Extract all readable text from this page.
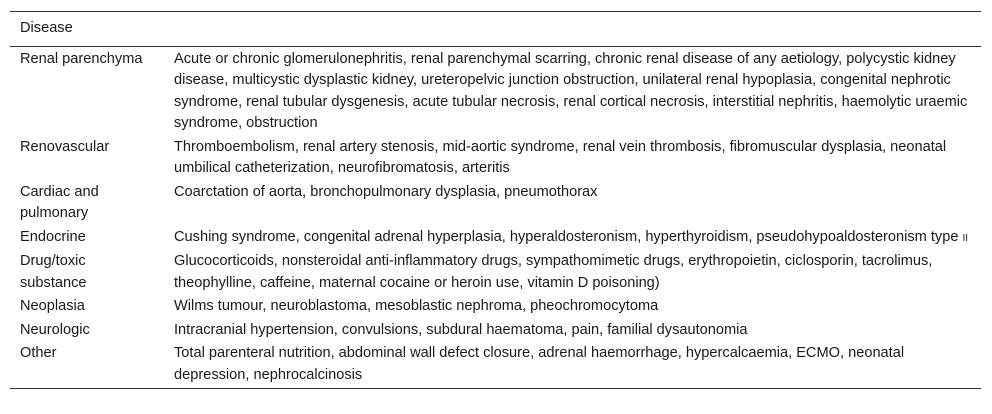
Disease	
Renal parenchyma	Acute or chronic glomerulonephritis, renal parenchymal scarring, chronic renal disease of any aetiology, polycystic kidney disease, multicystic dysplastic kidney, ureteropelvic junction obstruction, unilateral renal hypoplasia, congenital nephrotic syndrome, renal tubular dysgenesis, acute tubular necrosis, renal cortical necrosis, interstitial nephritis, haemolytic uraemic syndrome, obstruction
Renovascular	Thromboembolism, renal artery stenosis, mid-aortic syndrome, renal vein thrombosis, fibromuscular dysplasia, neonatal umbilical catheterization, neurofibromatosis, arteritis
Cardiac and pulmonary	Coarctation of aorta, bronchopulmonary dysplasia, pneumothorax
Endocrine	Cushing syndrome, congenital adrenal hyperplasia, hyperaldosteronism, hyperthyroidism, pseudohypoaldosteronism type II
Drug/toxic substance	Glucocorticoids, nonsteroidal anti-inflammatory drugs, sympathomimetic drugs, erythropoietin, ciclosporin, tacrolimus, theophylline, caffeine, maternal cocaine or heroin use, vitamin D poisoning)
Neoplasia	Wilms tumour, neuroblastoma, mesoblastic nephroma, pheochromocytoma
Neurologic	Intracranial hypertension, convulsions, subdural haematoma, pain, familial dysautonomia
Other	Total parenteral nutrition, abdominal wall defect closure, adrenal haemorrhage, hypercalcaemia, ECMO, neonatal depression, nephrocalcinosis
